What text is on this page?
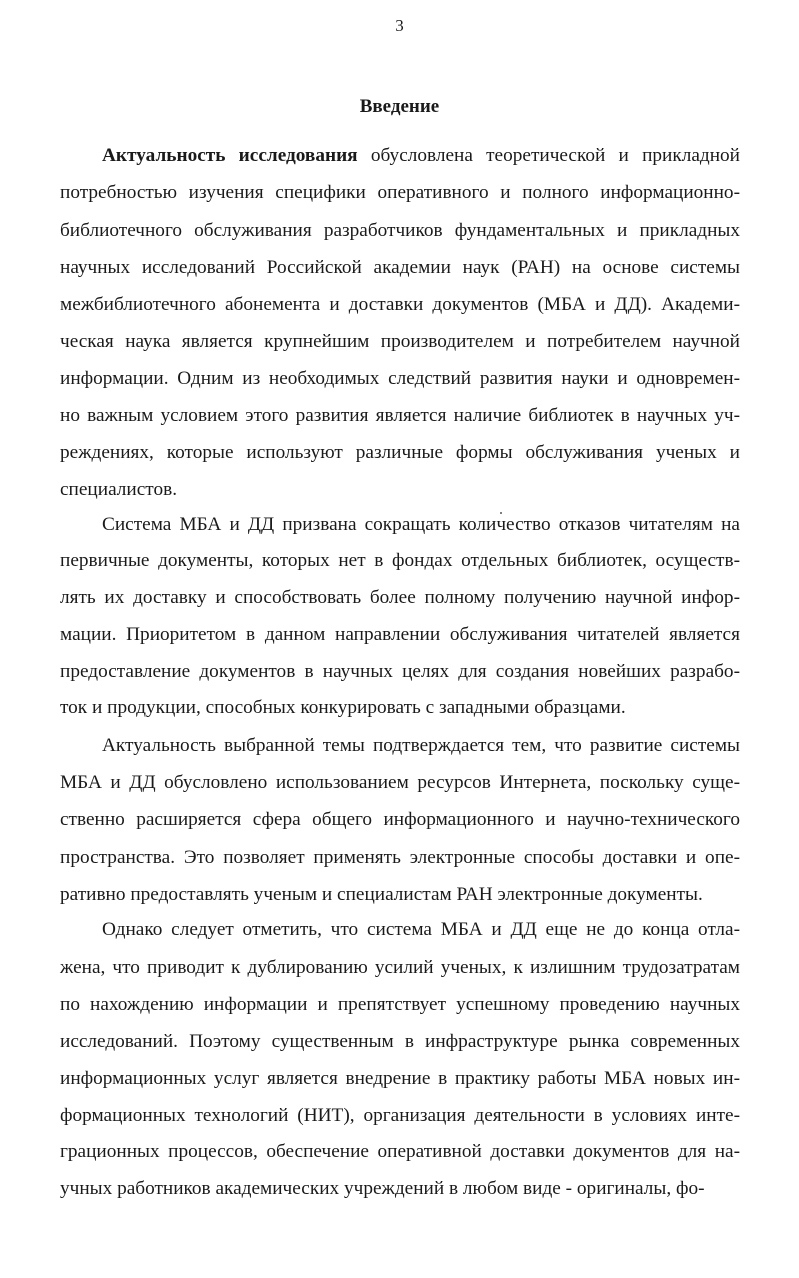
3
Введение
Актуальность исследования обусловлена теоретической и прикладной
потребностью изучения специфики оперативного и полного информационно-
библиотечного обслуживания разработчиков фундаментальных и прикладных
научных исследований Российской академии наук (РАН) на основе системы
межбиблиотечного абонемента и доставки документов (МБА и ДД). Академи-
ческая наука является крупнейшим производителем и потребителем научной
информации. Одним из необходимых следствий развития науки и одновремен-
но важным условием этого развития является наличие библиотек в научных уч-
реждениях, которые используют различные формы обслуживания ученых и
специалистов.
Система МБА и ДД призвана сокращать количество отказов читателям на
первичные документы, которых нет в фондах отдельных библиотек, осуществ-
лять их доставку и способствовать более полному получению научной инфор-
мации. Приоритетом в данном направлении обслуживания читателей является
предоставление документов в научных целях для создания новейших разрабо-
ток и продукции, способных конкурировать с западными образцами.
Актуальность выбранной темы подтверждается тем, что развитие системы
МБА и ДД обусловлено использованием ресурсов Интернета, поскольку суще-
ственно расширяется сфера общего информационного и научно-технического
пространства. Это позволяет применять электронные способы доставки и опе-
ративно предоставлять ученым и специалистам РАН электронные документы.
Однако следует отметить, что система МБА и ДД еще не до конца отла-
жена, что приводит к дублированию усилий ученых, к излишним трудозатратам
по нахождению информации и препятствует успешному проведению научных
исследований. Поэтому существенным в инфраструктуре рынка современных
информационных услуг является внедрение в практику работы МБА новых ин-
формационных технологий (НИТ), организация деятельности в условиях инте-
грационных процессов, обеспечение оперативной доставки документов для на-
учных работников академических учреждений в любом виде - оригиналы, фо-
